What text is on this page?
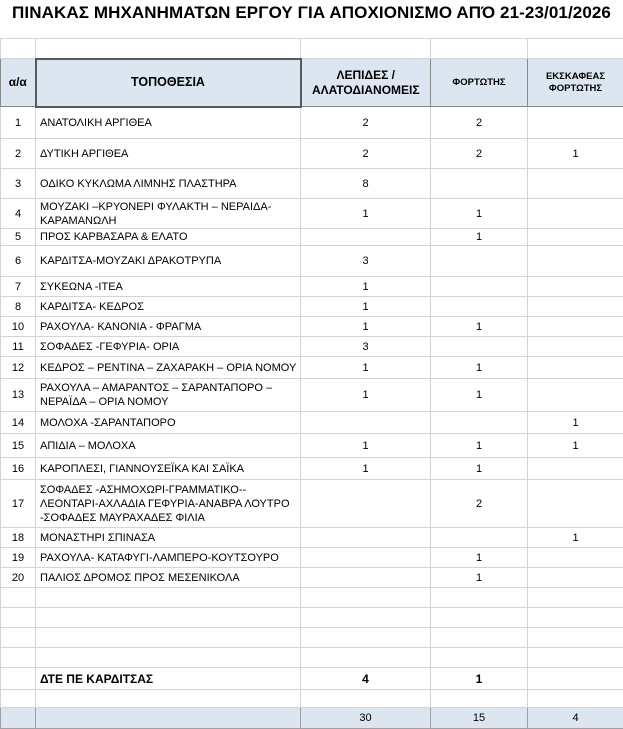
ΠΙΝΑΚΑΣ ΜΗΧΑΝΗΜΑΤΩΝ ΕΡΓΟΥ ΓΙΑ ΑΠΟΧΙΟΝΙΣΜΟ ΑΠΌ 21-23/01/2026

α/α	ΤΟΠΟΘΕΣΙΑ	ΛΕΠΙΔΕΣ /ΑΛΑΤΟΔΙΑΝΟΜΕΙΣ	ΦΟΡΤΩΤΗΣ	ΕΚΣΚΑΦΕΑΣ ΦΟΡΤΩΤΗΣ
1	ΑΝΑΤΟΛΙΚΗ ΑΡΓΙΘΕΑ	2	2	
2	ΔΥΤΙΚΗ ΑΡΓΙΘΕΑ	2	2	1
3	ΟΔΙΚΟ ΚΥΚΛΩΜΑ ΛΙΜΝΗΣ ΠΛΑΣΤΗΡΑ	8		
4	ΜΟΥΖΑΚΙ –ΚΡΥΟΝΕΡΙ ΦΥΛΑΚΤΗ – ΝΕΡΑΙΔΑ-ΚΑΡΑΜΑΝΩΛΗ	1	1	
5	ΠΡΟΣ ΚΑΡΒΑΣΑΡΑ & ΕΛΑΤΟ		1	
6	ΚΑΡΔΙΤΣΑ-ΜΟΥΖΑΚΙ ΔΡΑΚΟΤΡΥΠΑ	3		
7	ΣΥΚΕΩΝΑ -ΙΤΕΑ	1		
8	ΚΑΡΔΙΤΣΑ- ΚΕΔΡΟΣ	1		
10	ΡΑΧΟΥΛΑ- ΚΑΝΟΝΙΑ - ΦΡΑΓΜΑ	1	1	
11	ΣΟΦΑΔΕΣ -ΓΕΦΥΡΙΑ- ΟΡΙΑ	3		
12	ΚΕΔΡΟΣ – ΡΕΝΤΙΝΑ – ΖΑΧΑΡΑΚΗ – ΟΡΙΑ ΝΟΜΟΥ	1	1	
13	ΡΑΧΟΥΛΑ – ΑΜΑΡΑΝΤΟΣ – ΣΑΡΑΝΤΑΠΟΡΟ – ΝΕΡΑΪΔΑ – ΟΡΙΑ ΝΟΜΟΥ	1	1	
14	ΜΟΛΟΧΑ -ΣΑΡΑΝΤΑΠΟΡΟ			1
15	ΑΠΙΔΙΑ – ΜΟΛΟΧΑ	1	1	1
16	ΚΑΡΟΠΛΕΣΙ, ΓΙΑΝΝΟΥΣΕΪΚΑ ΚΑΙ ΣΑΪΚΑ	1	1	
17	ΣΟΦΑΔΕΣ -ΑΣΗΜΟΧΩΡΙ-ΓΡΑΜΜΑΤΙΚΟ--ΛΕΟΝΤΑΡΙ-ΑΧΛΑΔΙΑ ΓΕΦΥΡΙΑ-ΑΝΑΒΡΑ ΛΟΥΤΡΟ -ΣΟΦΑΔΕΣ ΜΑΥΡΑΧΑΔΕΣ ΦΙΛΙΑ		2	
18	ΜΟΝΑΣΤΗΡΙ ΣΠΙΝΑΣΑ			1
19	ΡΑΧΟΥΛΑ- ΚΑΤΑΦΥΓΙ-ΛΑΜΠΕΡΟ-ΚΟΥΤΣΟΥΡΟ		1	
20	ΠΑΛΙΟΣ ΔΡΟΜΟΣ ΠΡΟΣ ΜΕΣΕΝΙΚΟΛΑ		1	

	ΔΤΕ ΠΕ ΚΑΡΔΙΤΣΑΣ	4	1	

		30	15	4
